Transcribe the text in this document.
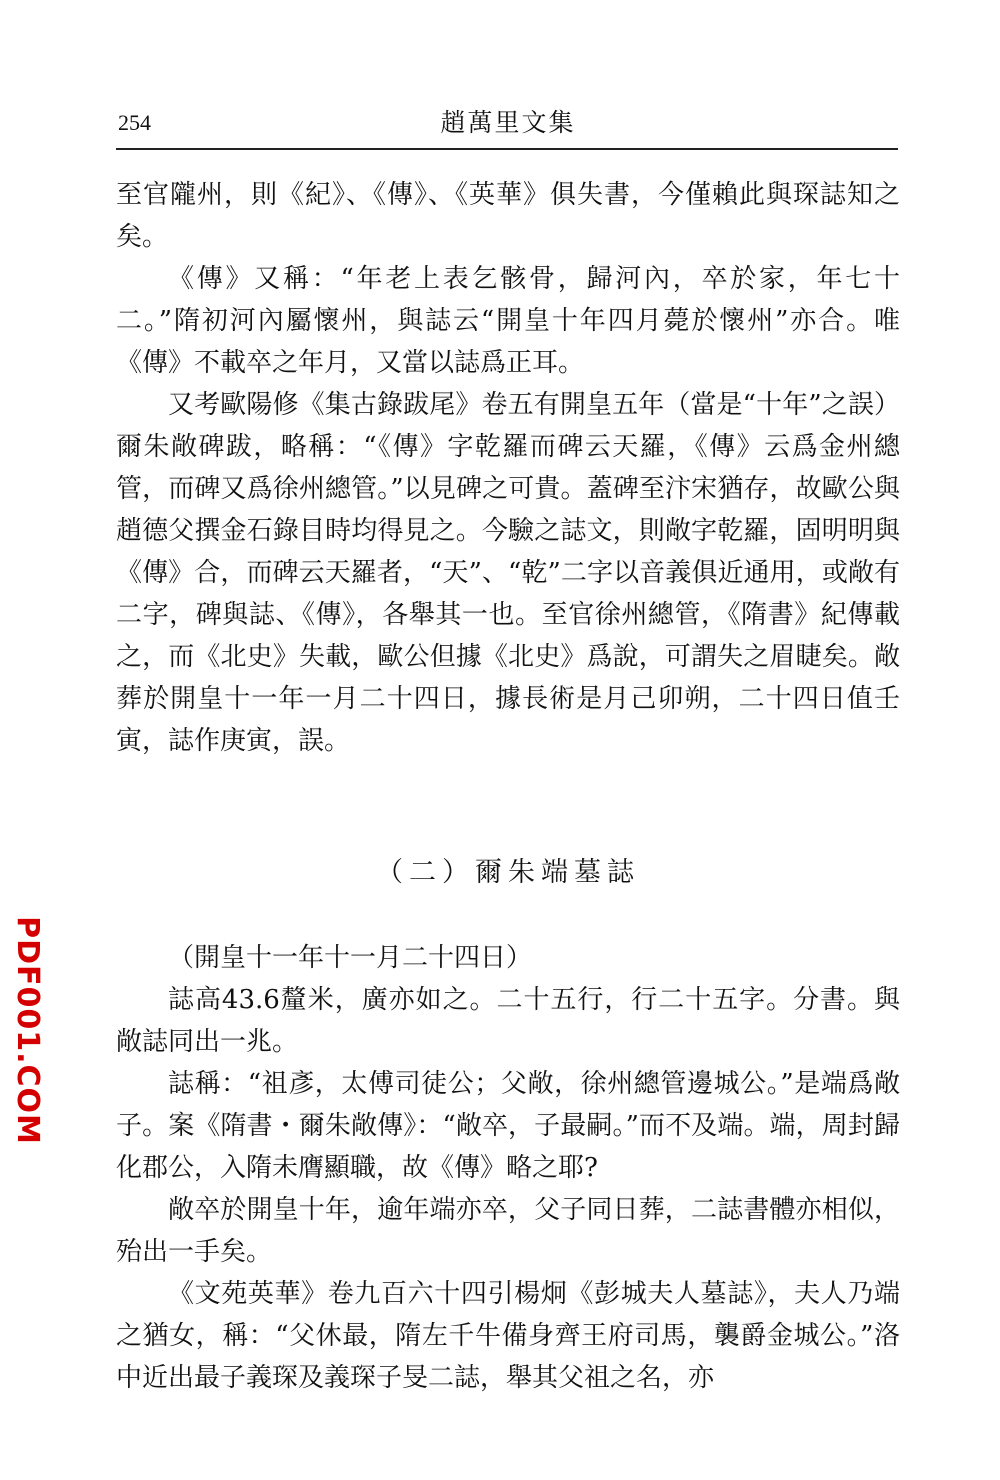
254	趙萬里文集

至官隴州，則《紀》、《傳》、《英華》俱失書，今僅賴此與琛誌知之矣。

《傳》又稱：“年老上表乞骸骨，歸河內，卒於家，年七十二。”隋初河內屬懷州，與誌云“開皇十年四月薨於懷州”亦合。唯《傳》不載卒之年月，又當以誌爲正耳。

又考歐陽修《集古錄跋尾》卷五有開皇五年（當是“十年”之誤）爾朱敞碑跋，略稱：“《傳》字乾羅而碑云天羅，《傳》云爲金州總管，而碑又爲徐州總管。”以見碑之可貴。蓋碑至汴宋猶存，故歐公與趙德父撰金石錄目時均得見之。今驗之誌文，則敞字乾羅，固明明與《傳》合，而碑云天羅者，“天”、“乾”二字以音義俱近通用，或敞有二字，碑與誌、《傳》，各舉其一也。至官徐州總管，《隋書》紀傳載之，而《北史》失載，歐公但據《北史》爲說，可謂失之眉睫矣。敞葬於開皇十一年一月二十四日，據長術是月己卯朔，二十四日值壬寅，誌作庚寅，誤。

（二）爾朱端墓誌

（開皇十一年十一月二十四日）

誌高43.6釐米，廣亦如之。二十五行，行二十五字。分書。與敞誌同出一兆。

誌稱：“祖彥，太傅司徒公；父敞，徐州總管邊城公。”是端爲敞子。案《隋書・爾朱敞傳》：“敞卒，子最嗣。”而不及端。端，周封歸化郡公，入隋未膺顯職，故《傳》略之耶?

敞卒於開皇十年，逾年端亦卒，父子同日葬，二誌書體亦相似，殆出一手矣。

《文苑英華》卷九百六十四引楊炯《彭城夫人墓誌》，夫人乃端之猶女，稱：“父休最，隋左千牛備身齊王府司馬，襲爵金城公。”洛中近出最子義琛及義琛子旻二誌，舉其父祖之名，亦

PDF001.COM
